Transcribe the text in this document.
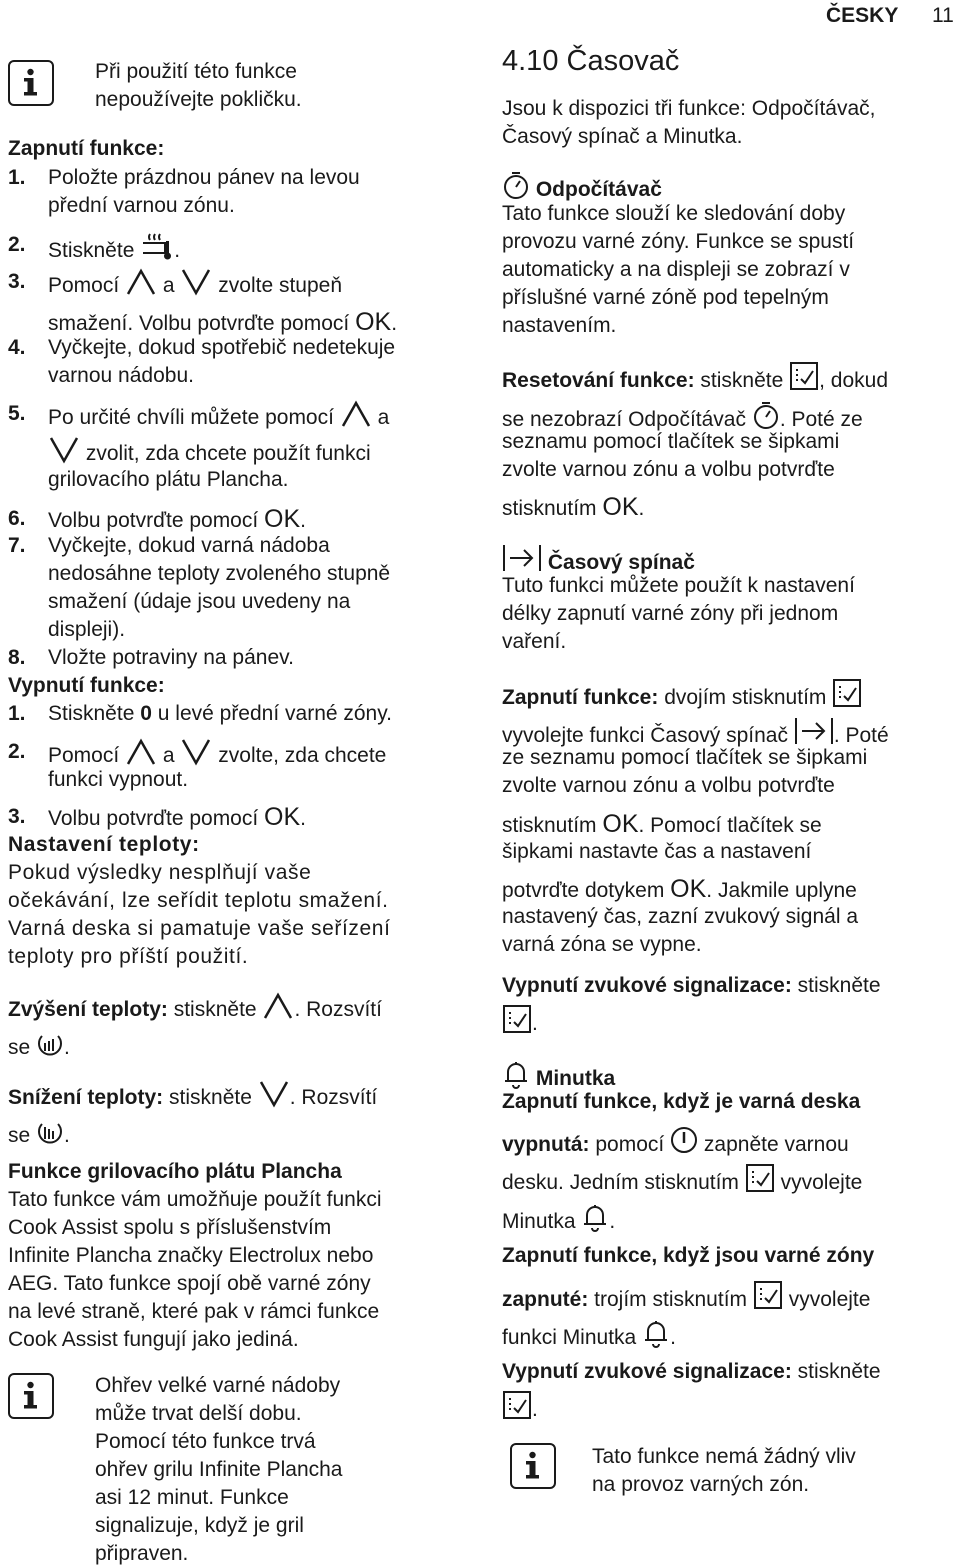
ČESKY 11
Při použití této funkce
nepoužívejte pokličku.
Zapnutí funkce:
1. Položte prázdnou pánev na levou
přední varnou zónu.
2. Stiskněte .
3. Pomocí a zvolte stupeň
smažení. Volbu potvrďte pomocí OK.
4. Vyčkejte, dokud spotřebič nedetekuje
varnou nádobu.
5. Po určité chvíli můžete pomocí a
zvolit, zda chcete použít funkci
grilovacího plátu Plancha.
6. Volbu potvrďte pomocí OK.
7. Vyčkejte, dokud varná nádoba
nedosáhne teploty zvoleného stupně
smažení (údaje jsou uvedeny na
displeji).
8. Vložte potraviny na pánev.
Vypnutí funkce:
1. Stiskněte 0 u levé přední varné zóny.
2. Pomocí a zvolte, zda chcete
funkci vypnout.
3. Volbu potvrďte pomocí OK.
Nastavení teploty:
Pokud výsledky nesplňují vaše
očekávání, lze seřídit teplotu smažení.
Varná deska si pamatuje vaše seřízení
teploty pro příští použití.
Zvýšení teploty: stiskněte . Rozsvítí
se .
Snížení teploty: stiskněte . Rozsvítí
se .
Funkce grilovacího plátu Plancha
Tato funkce vám umožňuje použít funkci
Cook Assist spolu s příslušenstvím
Infinite Plancha značky Electrolux nebo
AEG. Tato funkce spojí obě varné zóny
na levé straně, které pak v rámci funkce
Cook Assist fungují jako jediná.
Ohřev velké varné nádoby
může trvat delší dobu.
Pomocí této funkce trvá
ohřev grilu Infinite Plancha
asi 12 minut. Funkce
signalizuje, když je gril
připraven.
4.10 Časovač
Jsou k dispozici tři funkce: Odpočítávač,
Časový spínač a Minutka.
Odpočítávač
Tato funkce slouží ke sledování doby
provozu varné zóny. Funkce se spustí
automaticky a na displeji se zobrazí v
příslušné varné zóně pod tepelným
nastavením.
Resetování funkce: stiskněte , dokud
se nezobrazí Odpočítávač . Poté ze
seznamu pomocí tlačítek se šipkami
zvolte varnou zónu a volbu potvrďte
stisknutím OK.
Časový spínač
Tuto funkci můžete použít k nastavení
délky zapnutí varné zóny při jednom
vaření.
Zapnutí funkce: dvojím stisknutím
vyvolejte funkci Časový spínač . Poté
ze seznamu pomocí tlačítek se šipkami
zvolte varnou zónu a volbu potvrďte
stisknutím OK. Pomocí tlačítek se
šipkami nastavte čas a nastavení
potvrďte dotykem OK. Jakmile uplyne
nastavený čas, zazní zvukový signál a
varná zóna se vypne.
Vypnutí zvukové signalizace: stiskněte
.
Minutka
Zapnutí funkce, když je varná deska
vypnutá: pomocí zapněte varnou
desku. Jedním stisknutím vyvolejte
Minutka .
Zapnutí funkce, když jsou varné zóny
zapnuté: trojím stisknutím vyvolejte
funkci Minutka .
Vypnutí zvukové signalizace: stiskněte
.
Tato funkce nemá žádný vliv
na provoz varných zón.
